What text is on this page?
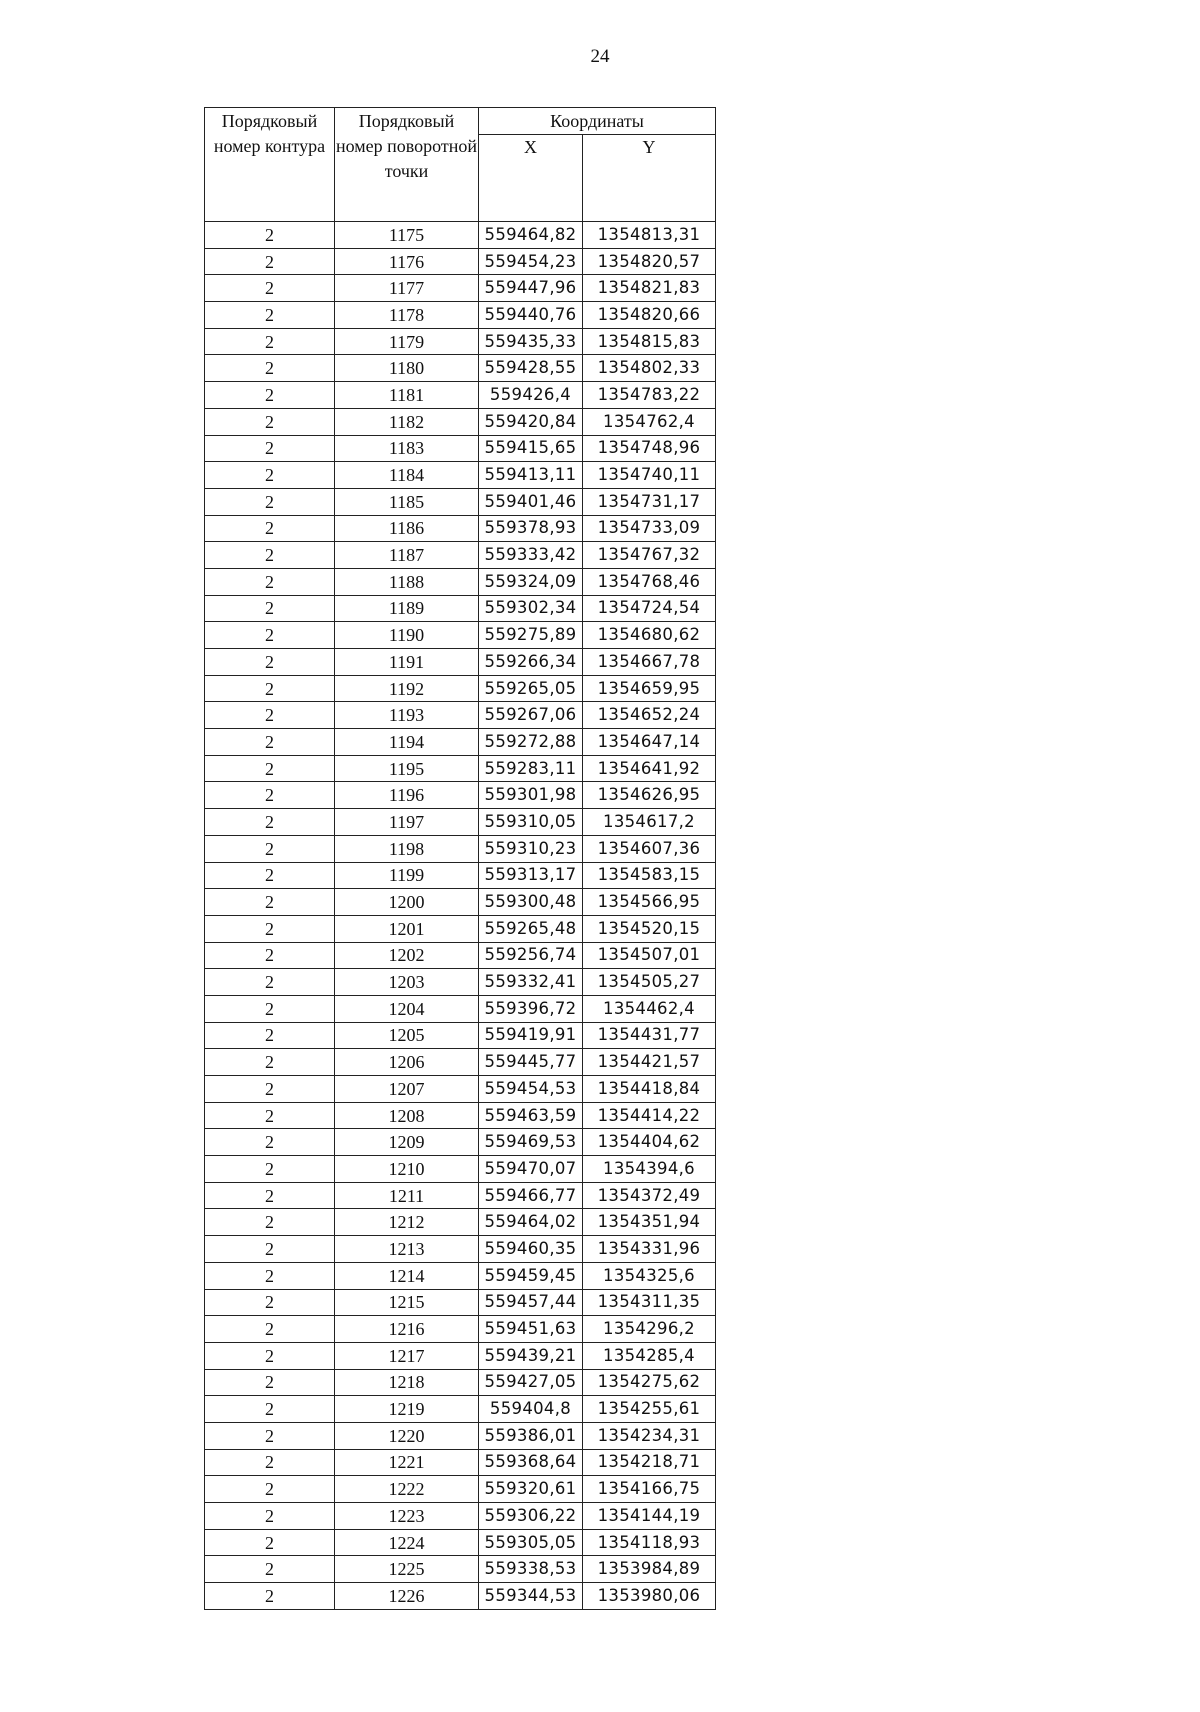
24
Порядковый номер контура	Порядковый номер поворотной точки	Координаты	
		X	Y
2	1175	559464,82	1354813,31
2	1176	559454,23	1354820,57
2	1177	559447,96	1354821,83
2	1178	559440,76	1354820,66
2	1179	559435,33	1354815,83
2	1180	559428,55	1354802,33
2	1181	559426,4	1354783,22
2	1182	559420,84	1354762,4
2	1183	559415,65	1354748,96
2	1184	559413,11	1354740,11
2	1185	559401,46	1354731,17
2	1186	559378,93	1354733,09
2	1187	559333,42	1354767,32
2	1188	559324,09	1354768,46
2	1189	559302,34	1354724,54
2	1190	559275,89	1354680,62
2	1191	559266,34	1354667,78
2	1192	559265,05	1354659,95
2	1193	559267,06	1354652,24
2	1194	559272,88	1354647,14
2	1195	559283,11	1354641,92
2	1196	559301,98	1354626,95
2	1197	559310,05	1354617,2
2	1198	559310,23	1354607,36
2	1199	559313,17	1354583,15
2	1200	559300,48	1354566,95
2	1201	559265,48	1354520,15
2	1202	559256,74	1354507,01
2	1203	559332,41	1354505,27
2	1204	559396,72	1354462,4
2	1205	559419,91	1354431,77
2	1206	559445,77	1354421,57
2	1207	559454,53	1354418,84
2	1208	559463,59	1354414,22
2	1209	559469,53	1354404,62
2	1210	559470,07	1354394,6
2	1211	559466,77	1354372,49
2	1212	559464,02	1354351,94
2	1213	559460,35	1354331,96
2	1214	559459,45	1354325,6
2	1215	559457,44	1354311,35
2	1216	559451,63	1354296,2
2	1217	559439,21	1354285,4
2	1218	559427,05	1354275,62
2	1219	559404,8	1354255,61
2	1220	559386,01	1354234,31
2	1221	559368,64	1354218,71
2	1222	559320,61	1354166,75
2	1223	559306,22	1354144,19
2	1224	559305,05	1354118,93
2	1225	559338,53	1353984,89
2	1226	559344,53	1353980,06
